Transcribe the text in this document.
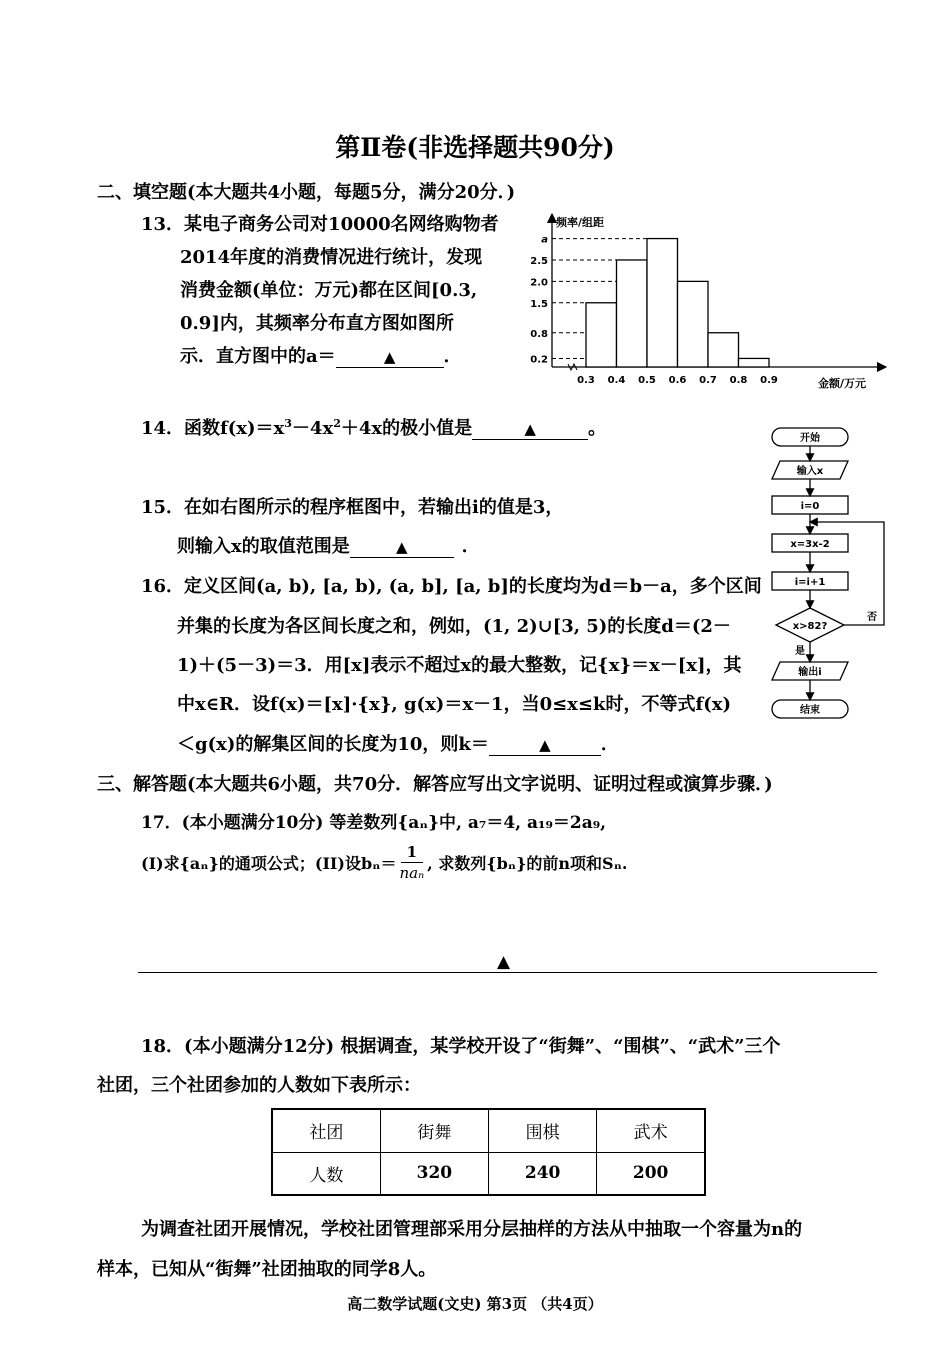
第Ⅱ卷(非选择题共90分)
二、填空题(本大题共4小题，每题5分，满分20分．)
13．某电子商务公司对10000名网络购物者
2014年度的消费情况进行统计，发现
消费金额(单位：万元)都在区间[0.3,
0.9]内，其频率分布直方图如图所
示．直方图中的a＝	▲	．
1.5
2.5
a
2.0
0.8
0.2
0.3 0.4 0.5 0.6 0.7 0.8 0.9
频率/组距
金额/万元
14．函数$f(x)=x^3-4x^2+4x$的极小值是	▲	。	开始
输入x
i=0
x=3x-2
i=i+1
x>82?
否
是
输出i
结束
15．在如右图所示的程序框图中，若输出i的值是3，
则输入x的取值范围是	▲	．
16．定义区间(a, b), [a, b), (a, b], [a, b]的长度均为d＝b－a，多个区间
并集的长度为各区间长度之和，例如，(1, 2)∪[3, 5)的长度d＝(2－
1)＋(5－3)＝3．用[x]表示不超过x的最大整数，记{x}＝x－[x]，其
中x∈R．设f(x)＝[x]·{x}, g(x)＝x－1，当0≤x≤k时，不等式f(x)
＜g(x)的解集区间的长度为10，则k＝	▲	．
三、解答题(本大题共6小题，共70分．解答应写出文字说明、证明过程或演算步骤．)
17．(本小题满分10分) 等差数列{aₙ}中, a₇＝4, a₁₉＝2a₉,
(I)求{aₙ}的通项公式；(II)设bₙ＝
1
naₙ , 求数列{bₙ}的前n项和Sₙ.
▲
18．(本小题满分12分) 根据调查，某学校开设了“街舞”、“围棋”、“武术”三个
社团，三个社团参加的人数如下表所示：
社团	街舞	围棋	武术
人数	320	240	200
为调查社团开展情况，学校社团管理部采用分层抽样的方法从中抽取一个容量为n的
样本，已知从“街舞”社团抽取的同学8人。
高二数学试题(文史) 第3页 （共4页）
